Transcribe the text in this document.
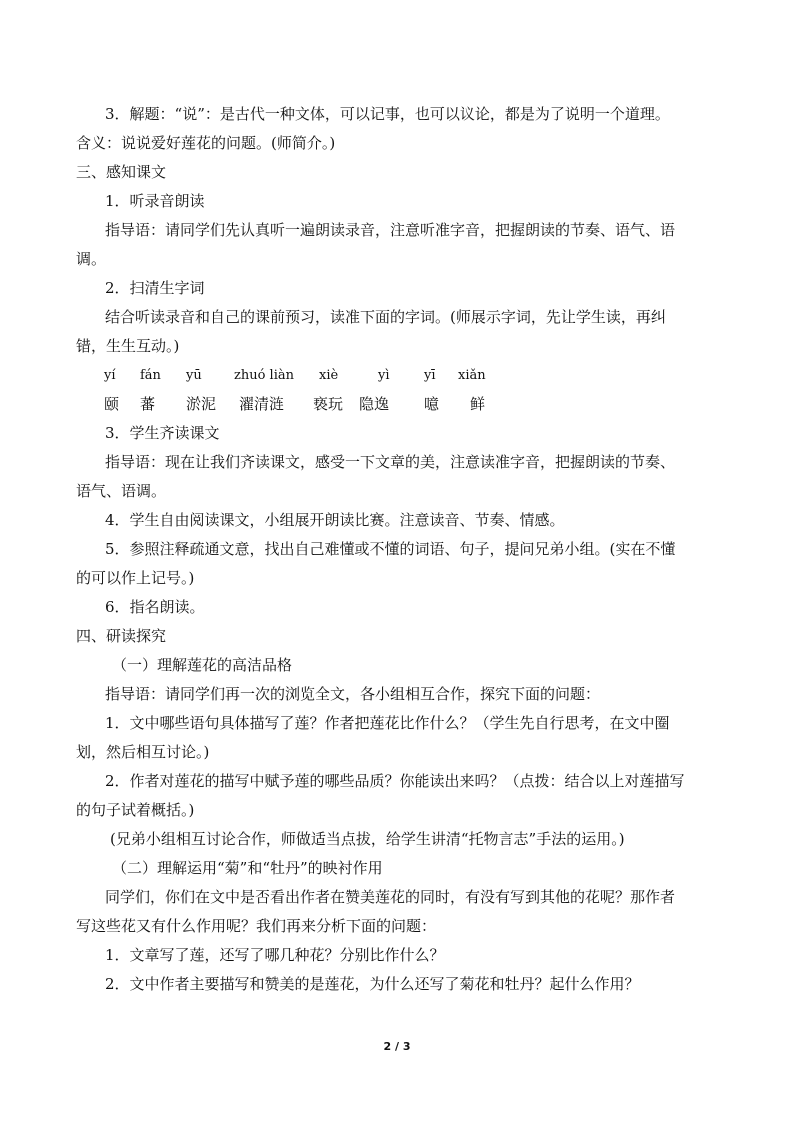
3．解题：“说”：是古代一种文体，可以记事，也可以议论，都是为了说明一个道理。
含义：说说爱好莲花的问题。(师简介。)
三、感知课文
1．听录音朗读
指导语：请同学们先认真听一遍朗读录音，注意听准字音，把握朗读的节奏、语气、语
调。
2．扫清生字词
结合听读录音和自己的课前预习，读准下面的字词。(师展示字词，先让学生读，再纠
错，生生互动。)
yí fán yū zhuó liàn xiè	yì	yī xiǎn
颐 蕃 淤泥 濯清涟 亵玩 隐逸 噫 鲜
3．学生齐读课文
指导语：现在让我们齐读课文，感受一下文章的美，注意读准字音，把握朗读的节奏、
语气、语调。
4．学生自由阅读课文，小组展开朗读比赛。注意读音、节奏、情感。
5．参照注释疏通文意，找出自己难懂或不懂的词语、句子，提问兄弟小组。(实在不懂
的可以作上记号。)
6．指名朗读。
四、研读探究
（一）理解莲花的高洁品格
指导语：请同学们再一次的浏览全文，各小组相互合作，探究下面的问题：
1．文中哪些语句具体描写了莲？作者把莲花比作什么？（学生先自行思考，在文中圈
划，然后相互讨论。)
2．作者对莲花的描写中赋予莲的哪些品质？你能读出来吗？（点拨：结合以上对莲描写
的句子试着概括。)
(兄弟小组相互讨论合作，师做适当点拔，给学生讲清“托物言志”手法的运用。)
（二）理解运用“菊”和“牡丹”的映衬作用
同学们，你们在文中是否看出作者在赞美莲花的同时，有没有写到其他的花呢？那作者
写这些花又有什么作用呢？我们再来分析下面的问题：
1．文章写了莲，还写了哪几种花？分别比作什么？
2．文中作者主要描写和赞美的是莲花，为什么还写了菊花和牡丹？起什么作用？
2 / 3
